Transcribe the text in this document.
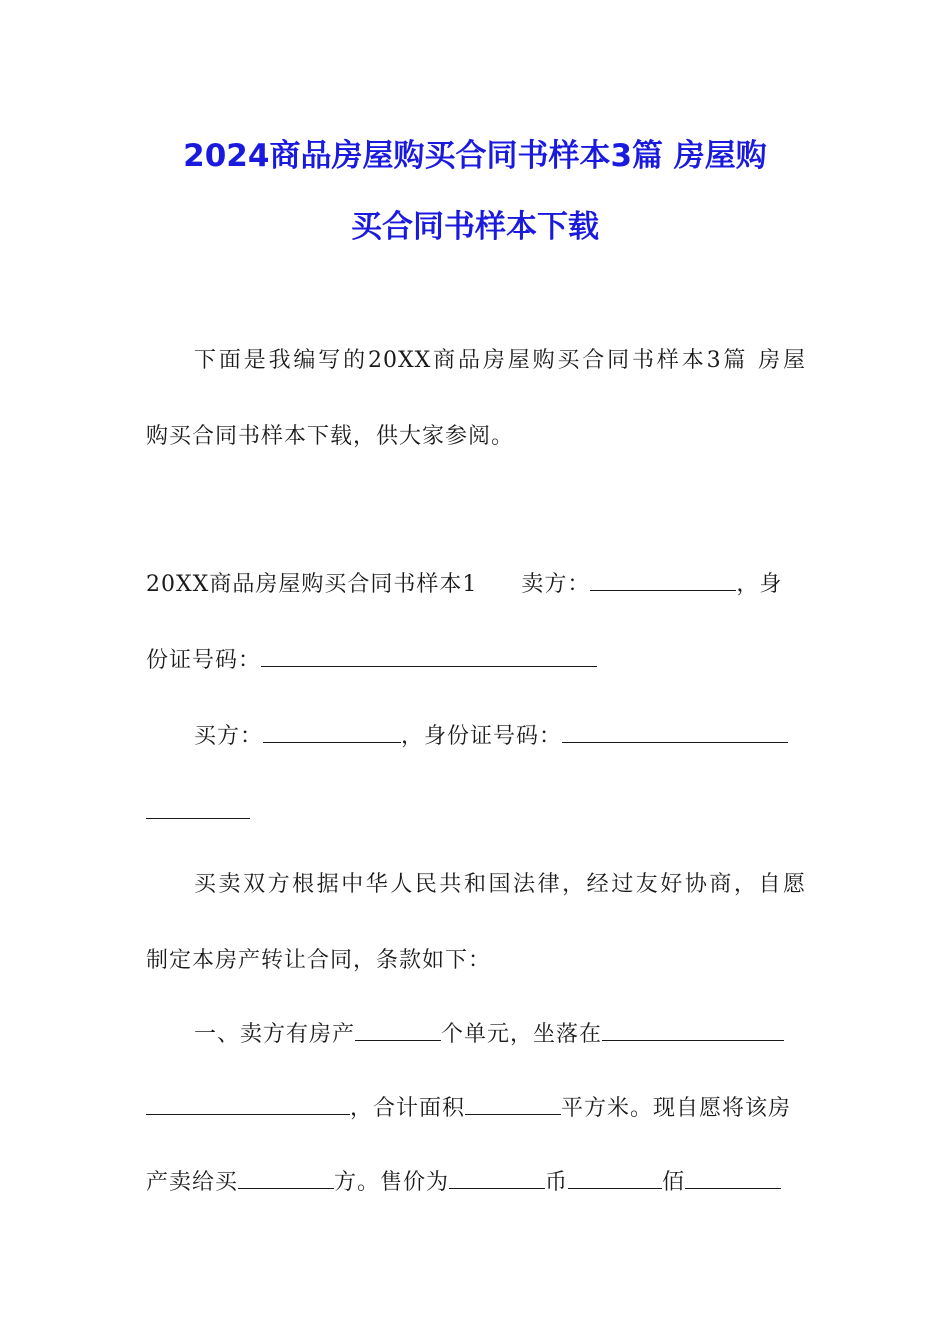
2024商品房屋购买合同书样本3篇 房屋购
买合同书样本下载
下面是我编写的20XX商品房屋购买合同书样本3篇 房屋
购买合同书样本下载，供大家参阅。
20XX商品房屋购买合同书样本1 卖方：	，身
份证号码：
买方：	，身份证号码：
买卖双方根据中华人民共和国法律，经过友好协商，自愿
制定本房产转让合同，条款如下：
一、卖方有房产	个单元，坐落在
，合计面积	平方米。现自愿将该房
产卖给买	方。售价为	币	佰
